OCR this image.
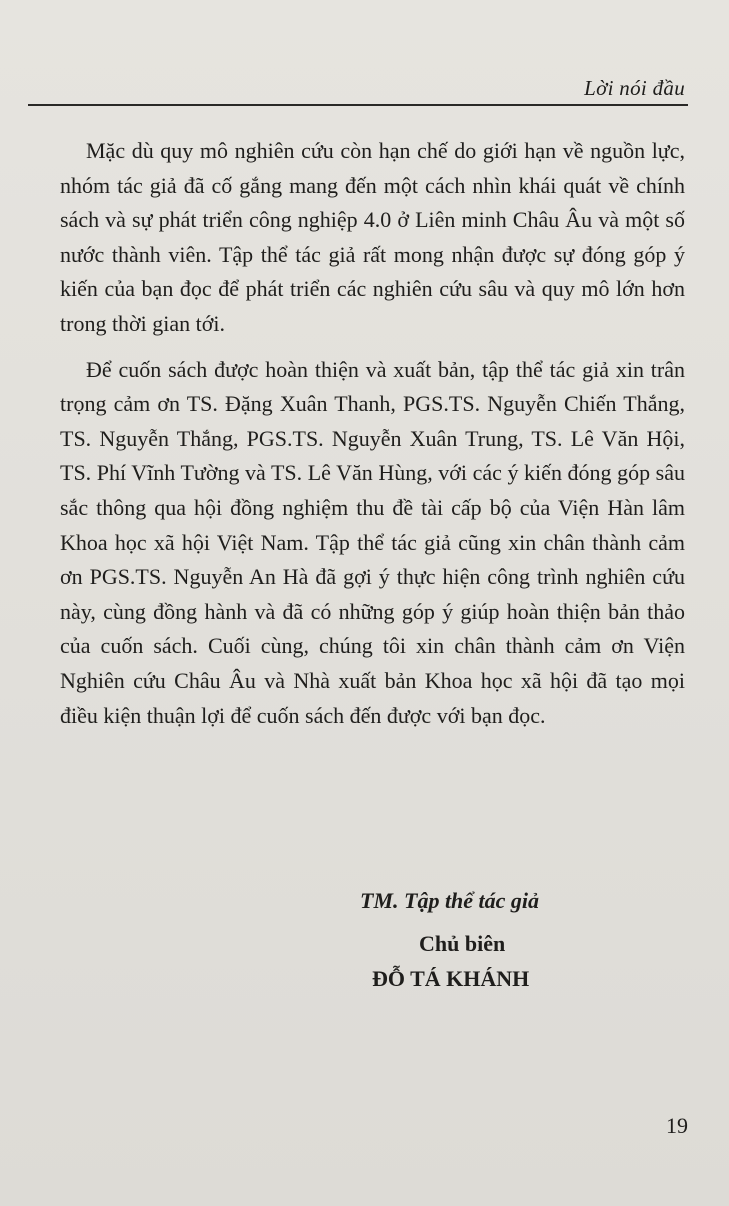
Lời nói đầu

Mặc dù quy mô nghiên cứu còn hạn chế do giới hạn về nguồn lực, nhóm tác giả đã cố gắng mang đến một cách nhìn khái quát về chính sách và sự phát triển công nghiệp 4.0 ở Liên minh Châu Âu và một số nước thành viên. Tập thể tác giả rất mong nhận được sự đóng góp ý kiến của bạn đọc để phát triển các nghiên cứu sâu và quy mô lớn hơn trong thời gian tới.

Để cuốn sách được hoàn thiện và xuất bản, tập thể tác giả xin trân trọng cảm ơn TS. Đặng Xuân Thanh, PGS.TS. Nguyễn Chiến Thắng, TS. Nguyễn Thắng, PGS.TS. Nguyễn Xuân Trung, TS. Lê Văn Hội, TS. Phí Vĩnh Tường và TS. Lê Văn Hùng, với các ý kiến đóng góp sâu sắc thông qua hội đồng nghiệm thu đề tài cấp bộ của Viện Hàn lâm Khoa học xã hội Việt Nam. Tập thể tác giả cũng xin chân thành cảm ơn PGS.TS. Nguyễn An Hà đã gợi ý thực hiện công trình nghiên cứu này, cùng đồng hành và đã có những góp ý giúp hoàn thiện bản thảo của cuốn sách. Cuối cùng, chúng tôi xin chân thành cảm ơn Viện Nghiên cứu Châu Âu và Nhà xuất bản Khoa học xã hội đã tạo mọi điều kiện thuận lợi để cuốn sách đến được với bạn đọc.

TM. Tập thể tác giả
Chủ biên
ĐỖ TÁ KHÁNH
19
